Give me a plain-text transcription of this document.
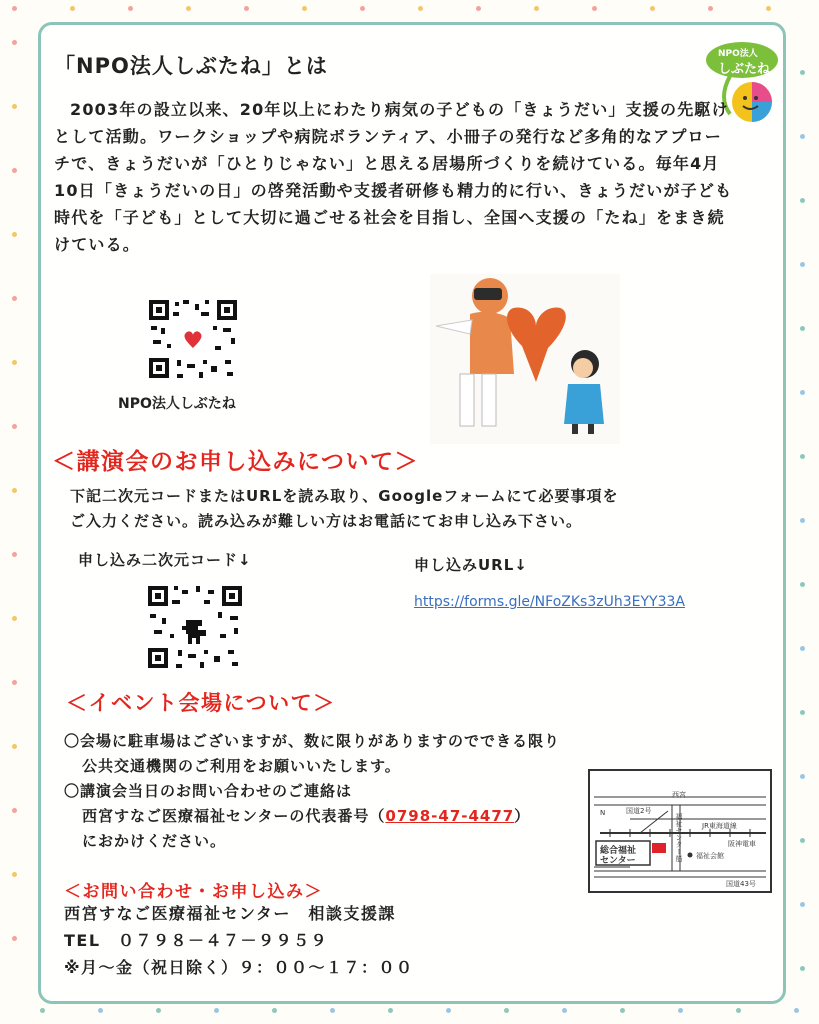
NPO法人
しぶたね
「NPO法人しぶたね」とは

2003年の設立以来、20年以上にわたり病気の子どもの「きょうだい」支援の先駆けとして活動。ワークショップや病院ボランティア、小冊子の発行など多角的なアプローチで、きょうだいが「ひとりじゃない」と思える居場所づくりを続けている。毎年4月10日「きょうだいの日」の啓発活動や支援者研修も精力的に行い、きょうだいが子ども時代を「子ども」として大切に過ごせる社会を目指し、全国へ支援の「たね」をまき続けている。

NPO法人しぶたね
＜講演会のお申し込みについて＞
下記二次元コードまたはURLを読み取り、Googleフォームにて必要事項を
ご入力ください。読み込みが難しい方はお電話にてお申し込み下さい。
申し込み二次元コード↓	申し込みURL↓
https://forms.gle/NFoZKs3zUh3EYY33A
＜イベント会場について＞
〇会場に駐車場はございますが、数に限りがありますのでできる限り
公共交通機関のご利用をお願いいたします。
〇講演会当日のお問い合わせのご連絡は
西宮すなご医療福祉センターの代表番号（0798-47-4477）
におかけください。
西宮
国道2号
JR東海道線
阪神電車
福祉会館
総合福祉
センター	福祉センター筋
国道43号
N
＜お問い合わせ・お申し込み＞
西宮すなご医療福祉センター　相談支援課
TEL　０７９８－４７－９９５９
※月～金（祝日除く）９：００～１７：００
